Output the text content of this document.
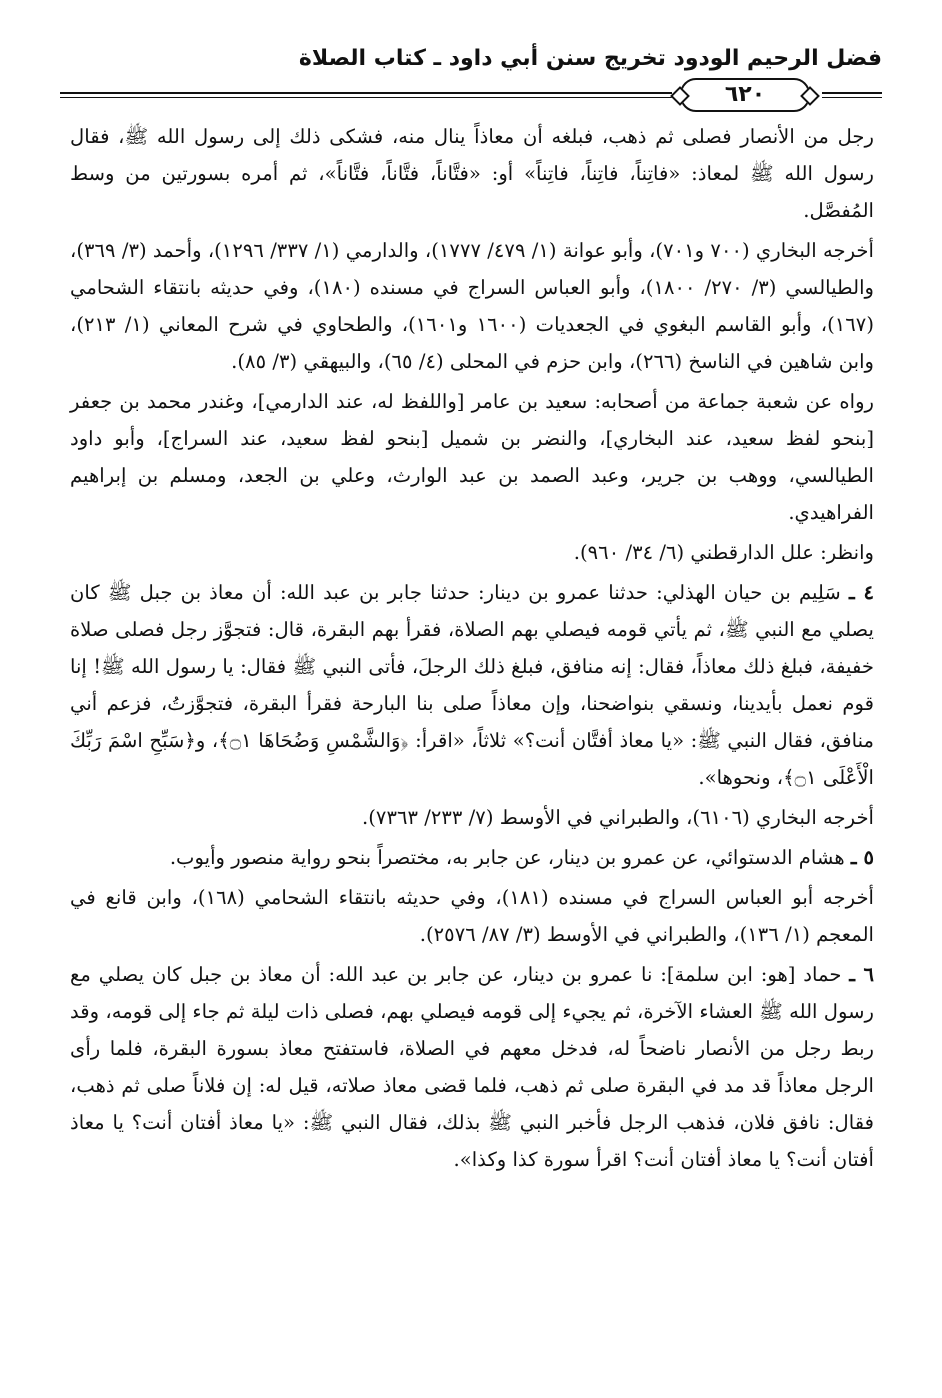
فضل الرحيم الودود تخريج سنن أبي داود ـ كتاب الصلاة
٦٢٠

رجل من الأنصار فصلى ثم ذهب، فبلغه أن معاذاً ينال منه، فشكى ذلك إلى رسول الله ﷺ، فقال رسول الله ﷺ لمعاذ: «فاتِناً، فاتِناً، فاتِناً» أو: «فتَّاناً، فتَّاناً، فتَّاناً»، ثم أمره بسورتين من وسط المُفصَّل.

أخرجه البخاري (٧٠٠ و٧٠١)، وأبو عوانة (١/ ٤٧٩/ ١٧٧٧)، والدارمي (١/ ٣٣٧/ ١٢٩٦)، وأحمد (٣/ ٣٦٩)، والطيالسي (٣/ ٢٧٠/ ١٨٠٠)، وأبو العباس السراج في مسنده (١٨٠)، وفي حديثه بانتقاء الشحامي (١٦٧)، وأبو القاسم البغوي في الجعديات (١٦٠٠ و١٦٠١)، والطحاوي في شرح المعاني (١/ ٢١٣)، وابن شاهين في الناسخ (٢٦٦)، وابن حزم في المحلى (٤/ ٦٥)، والبيهقي (٣/ ٨٥).

رواه عن شعبة جماعة من أصحابه: سعيد بن عامر [واللفظ له، عند الدارمي]، وغندر محمد بن جعفر [بنحو لفظ سعيد، عند البخاري]، والنضر بن شميل [بنحو لفظ سعيد، عند السراج]، وأبو داود الطيالسي، ووهب بن جرير، وعبد الصمد بن عبد الوارث، وعلي بن الجعد، ومسلم بن إبراهيم الفراهيدي.

وانظر: علل الدارقطني (٦/ ٣٤/ ٩٦٠).

٤ ـ سَلِيم بن حيان الهذلي: حدثنا عمرو بن دينار: حدثنا جابر بن عبد الله: أن معاذ بن جبل ﷺ كان يصلي مع النبي ﷺ، ثم يأتي قومه فيصلي بهم الصلاة، فقرأ بهم البقرة، قال: فتجوَّز رجل فصلى صلاة خفيفة، فبلغ ذلك معاذاً، فقال: إنه منافق، فبلغ ذلك الرجلَ، فأتى النبي ﷺ فقال: يا رسول الله ﷺ! إنا قوم نعمل بأيدينا، ونسقي بنواضحنا، وإن معاذاً صلى بنا البارحة فقرأ البقرة، فتجوَّزتُ، فزعم أني منافق، فقال النبي ﷺ: «يا معاذ أفتَّان أنت؟» ثلاثاً، «اقرأ: ﴿وَالشَّمْسِ وَضُحَاهَا ۝١﴾، و﴿سَبِّحِ اسْمَ رَبِّكَ الْأَعْلَى ۝١﴾، ونحوها».

أخرجه البخاري (٦١٠٦)، والطبراني في الأوسط (٧/ ٢٣٣/ ٧٣٦٣).

٥ ـ هشام الدستوائي، عن عمرو بن دينار، عن جابر به، مختصراً بنحو رواية منصور وأيوب.

أخرجه أبو العباس السراج في مسنده (١٨١)، وفي حديثه بانتقاء الشحامي (١٦٨)، وابن قانع في المعجم (١/ ١٣٦)، والطبراني في الأوسط (٣/ ٨٧/ ٢٥٧٦).

٦ ـ حماد [هو: ابن سلمة]: نا عمرو بن دينار، عن جابر بن عبد الله: أن معاذ بن جبل كان يصلي مع رسول الله ﷺ العشاء الآخرة، ثم يجيء إلى قومه فيصلي بهم، فصلى ذات ليلة ثم جاء إلى قومه، وقد ربط رجل من الأنصار ناضحاً له، فدخل معهم في الصلاة، فاستفتح معاذ بسورة البقرة، فلما رأى الرجل معاذاً قد مد في البقرة صلى ثم ذهب، فلما قضى معاذ صلاته، قيل له: إن فلاناً صلى ثم ذهب، فقال: نافق فلان، فذهب الرجل فأخبر النبي ﷺ بذلك، فقال النبي ﷺ: «يا معاذ أفتان أنت؟ يا معاذ أفتان أنت؟ يا معاذ أفتان أنت؟ اقرأ سورة كذا وكذا».
